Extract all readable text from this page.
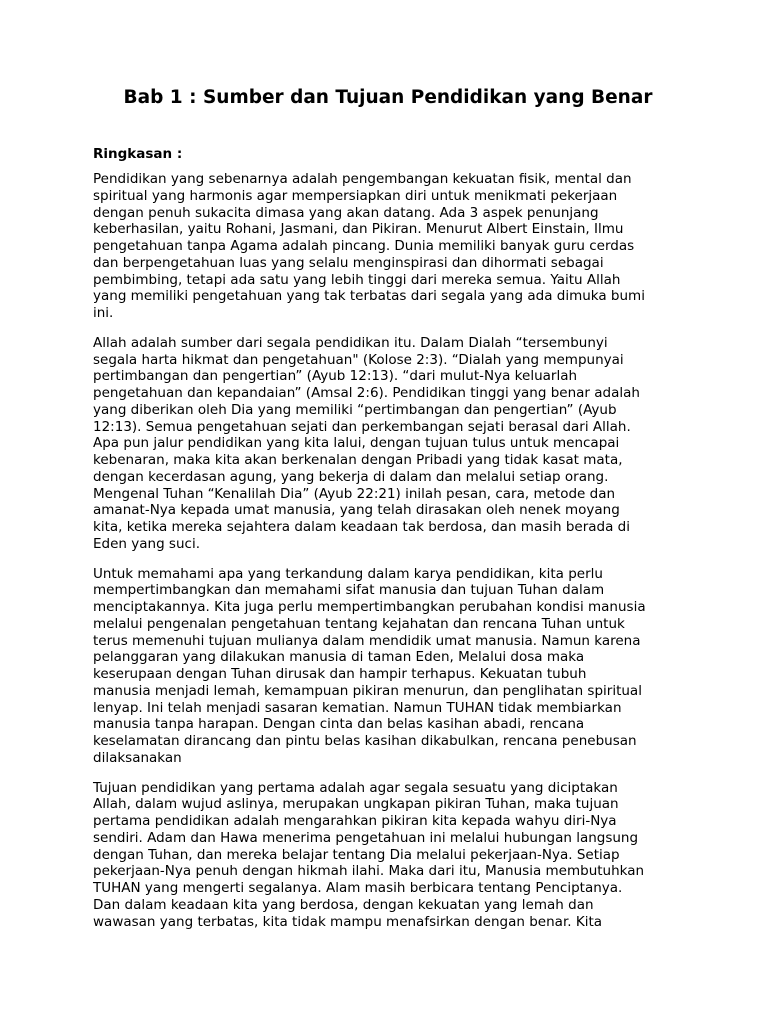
Bab 1 : Sumber dan Tujuan Pendidikan yang Benar
Ringkasan :

Pendidikan yang sebenarnya adalah pengembangan kekuatan fisik, mental dan
spiritual yang harmonis agar mempersiapkan diri untuk menikmati pekerjaan
dengan penuh sukacita dimasa yang akan datang. Ada 3 aspek penunjang
keberhasilan, yaitu Rohani, Jasmani, dan Pikiran. Menurut Albert Einstain, Ilmu
pengetahuan tanpa Agama adalah pincang. Dunia memiliki banyak guru cerdas
dan berpengetahuan luas yang selalu menginspirasi dan dihormati sebagai
pembimbing, tetapi ada satu yang lebih tinggi dari mereka semua. Yaitu Allah
yang memiliki pengetahuan yang tak terbatas dari segala yang ada dimuka bumi
ini.

Allah adalah sumber dari segala pendidikan itu. Dalam Dialah “tersembunyi
segala harta hikmat dan pengetahuan" (Kolose 2:3). “Dialah yang mempunyai
pertimbangan dan pengertian” (Ayub 12:13). “dari mulut-Nya keluarlah
pengetahuan dan kepandaian” (Amsal 2:6). Pendidikan tinggi yang benar adalah
yang diberikan oleh Dia yang memiliki “pertimbangan dan pengertian” (Ayub
12:13). Semua pengetahuan sejati dan perkembangan sejati berasal dari Allah.
Apa pun jalur pendidikan yang kita lalui, dengan tujuan tulus untuk mencapai
kebenaran, maka kita akan berkenalan dengan Pribadi yang tidak kasat mata,
dengan kecerdasan agung, yang bekerja di dalam dan melalui setiap orang.
Mengenal Tuhan “Kenalilah Dia” (Ayub 22:21) inilah pesan, cara, metode dan
amanat-Nya kepada umat manusia, yang telah dirasakan oleh nenek moyang
kita, ketika mereka sejahtera dalam keadaan tak berdosa, dan masih berada di
Eden yang suci.

Untuk memahami apa yang terkandung dalam karya pendidikan, kita perlu
mempertimbangkan dan memahami sifat manusia dan tujuan Tuhan dalam
menciptakannya. Kita juga perlu mempertimbangkan perubahan kondisi manusia
melalui pengenalan pengetahuan tentang kejahatan dan rencana Tuhan untuk
terus memenuhi tujuan mulianya dalam mendidik umat manusia. Namun karena
pelanggaran yang dilakukan manusia di taman Eden, Melalui dosa maka
keserupaan dengan Tuhan dirusak dan hampir terhapus. Kekuatan tubuh
manusia menjadi lemah, kemampuan pikiran menurun, dan penglihatan spiritual
lenyap. Ini telah menjadi sasaran kematian. Namun TUHAN tidak membiarkan
manusia tanpa harapan. Dengan cinta dan belas kasihan abadi, rencana
keselamatan dirancang dan pintu belas kasihan dikabulkan, rencana penebusan
dilaksanakan

Tujuan pendidikan yang pertama adalah agar segala sesuatu yang diciptakan
Allah, dalam wujud aslinya, merupakan ungkapan pikiran Tuhan, maka tujuan
pertama pendidikan adalah mengarahkan pikiran kita kepada wahyu diri-Nya
sendiri. Adam dan Hawa menerima pengetahuan ini melalui hubungan langsung
dengan Tuhan, dan mereka belajar tentang Dia melalui pekerjaan-Nya. Setiap
pekerjaan-Nya penuh dengan hikmah ilahi. Maka dari itu, Manusia membutuhkan
TUHAN yang mengerti segalanya. Alam masih berbicara tentang Penciptanya.
Dan dalam keadaan kita yang berdosa, dengan kekuatan yang lemah dan
wawasan yang terbatas, kita tidak mampu menafsirkan dengan benar. Kita
